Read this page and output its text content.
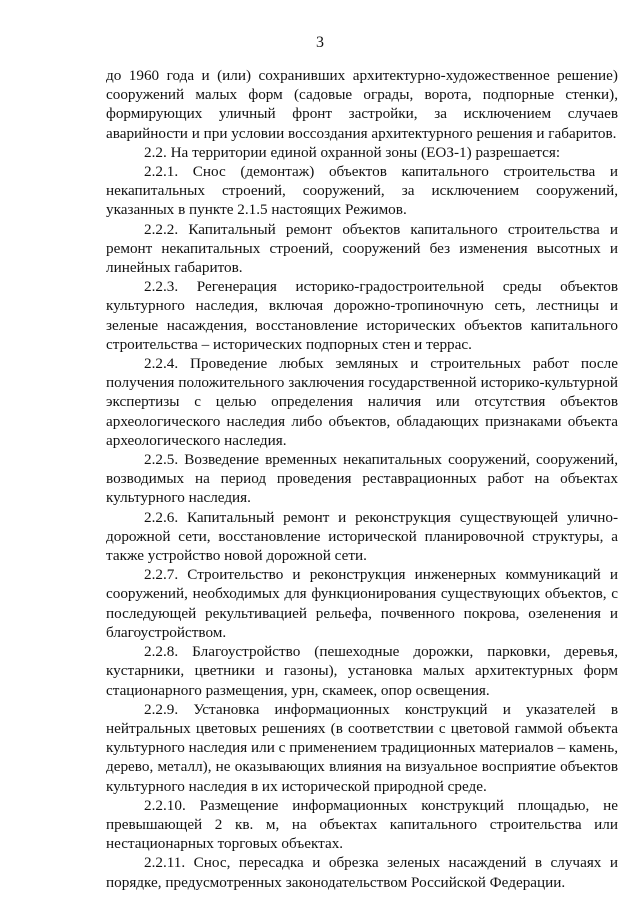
3

до 1960 года и (или) сохранивших архитектурно-художественное решение) сооружений малых форм (садовые ограды, ворота, подпорные стенки), формирующих уличный фронт застройки, за исключением случаев аварийности и при условии воссоздания архитектурного решения и габаритов.

2.2. На территории единой охранной зоны (ЕОЗ-1) разрешается:

2.2.1. Снос (демонтаж) объектов капитального строительства и некапитальных строений, сооружений, за исключением сооружений, указанных в пункте 2.1.5 настоящих Режимов.

2.2.2. Капитальный ремонт объектов капитального строительства и ремонт некапитальных строений, сооружений без изменения высотных и линейных габаритов.

2.2.3. Регенерация историко-градостроительной среды объектов культурного наследия, включая дорожно-тропиночную сеть, лестницы и зеленые насаждения, восстановление исторических объектов капитального строительства – исторических подпорных стен и террас.

2.2.4. Проведение любых земляных и строительных работ после получения положительного заключения государственной историко-культурной экспертизы с целью определения наличия или отсутствия объектов археологического наследия либо объектов, обладающих признаками объекта археологического наследия.

2.2.5. Возведение временных некапитальных сооружений, сооружений, возводимых на период проведения реставрационных работ на объектах культурного наследия.

2.2.6. Капитальный ремонт и реконструкция существующей улично-дорожной сети, восстановление исторической планировочной структуры, а также устройство новой дорожной сети.

2.2.7. Строительство и реконструкция инженерных коммуникаций и сооружений, необходимых для функционирования существующих объектов, с последующей рекультивацией рельефа, почвенного покрова, озеленения и благоустройством.

2.2.8. Благоустройство (пешеходные дорожки, парковки, деревья, кустарники, цветники и газоны), установка малых архитектурных форм стационарного размещения, урн, скамеек, опор освещения.

2.2.9. Установка информационных конструкций и указателей в нейтральных цветовых решениях (в соответствии с цветовой гаммой объекта культурного наследия или с применением традиционных материалов – камень, дерево, металл), не оказывающих влияния на визуальное восприятие объектов культурного наследия в их исторической природной среде.

2.2.10. Размещение информационных конструкций площадью, не превышающей 2 кв. м, на объектах капитального строительства или нестационарных торговых объектах.

2.2.11. Снос, пересадка и обрезка зеленых насаждений в случаях и порядке, предусмотренных законодательством Российской Федерации.
